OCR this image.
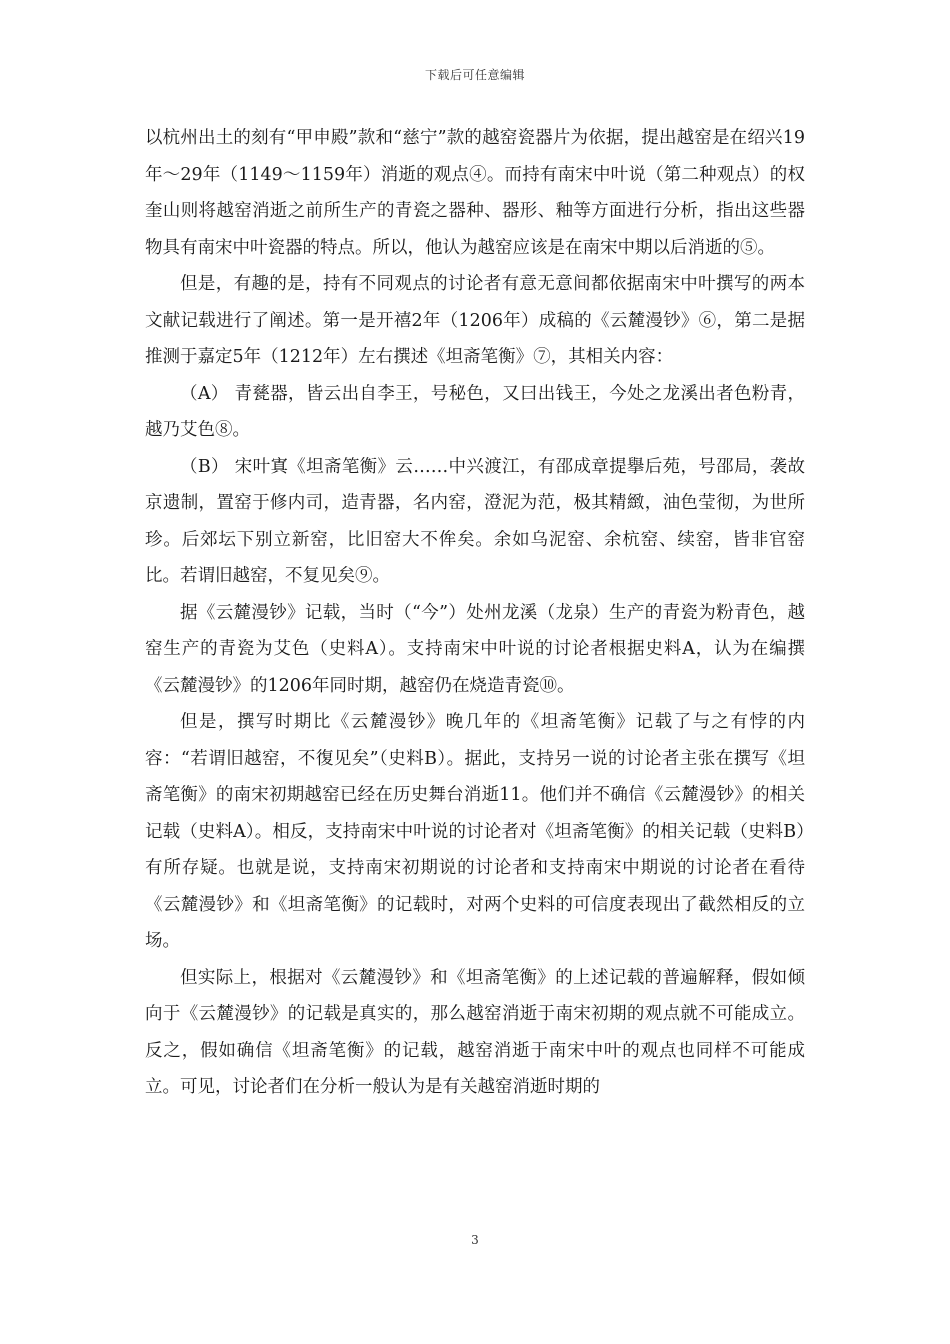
下载后可任意编辑

以杭州出土的刻有“甲申殿”款和“慈宁”款的越窑瓷器片为依据，提出越窑是在绍兴19年～29年（1149～1159年）消逝的观点④。而持有南宋中叶说（第二种观点）的权奎山则将越窑消逝之前所生产的青瓷之器种、器形、釉等方面进行分析，指出这些器物具有南宋中叶瓷器的特点。所以，他认为越窑应该是在南宋中期以后消逝的⑤。

但是，有趣的是，持有不同观点的讨论者有意无意间都依据南宋中叶撰写的两本文献记载进行了阐述。第一是开禧2年（1206年）成稿的《云麓漫钞》⑥，第二是据推测于嘉定5年（1212年）左右撰述《坦斋笔衡》⑦，其相关内容：

（A） 青甆器，皆云出自李王，号秘色，又曰出钱王，今处之龙溪出者色粉青，越乃艾色⑧。

（B） 宋叶寘《坦斋笔衡》云……中兴渡江，有邵成章提擧后苑，号邵局，袭故京遗制，置窑于修内司，造青器，名内窑，澄泥为范，极其精緻，油色莹彻，为世所珍。后郊坛下别立新窑，比旧窑大不侔矣。余如乌泥窑、余杭窑、续窑，皆非官窑比。若谓旧越窑，不复见矣⑨。

据《云麓漫钞》记载，当时（“今”）处州龙溪（龙泉）生产的青瓷为粉青色，越窑生产的青瓷为艾色（史料A）。支持南宋中叶说的讨论者根据史料A，认为在编撰《云麓漫钞》的1206年同时期，越窑仍在烧造青瓷⑩。

但是，撰写时期比《云麓漫钞》晚几年的《坦斋笔衡》记载了与之有悖的内容：“若谓旧越窑，不復见矣”（史料B）。据此，支持另一说的讨论者主张在撰写《坦斋笔衡》的南宋初期越窑已经在历史舞台消逝11。他们并不确信《云麓漫钞》的相关记载（史料A）。相反，支持南宋中叶说的讨论者对《坦斋笔衡》的相关记载（史料B）有所存疑。也就是说，支持南宋初期说的讨论者和支持南宋中期说的讨论者在看待《云麓漫钞》和《坦斋笔衡》的记载时，对两个史料的可信度表现出了截然相反的立场。

但实际上，根据对《云麓漫钞》和《坦斋笔衡》的上述记载的普遍解释，假如倾向于《云麓漫钞》的记载是真实的，那么越窑消逝于南宋初期的观点就不可能成立。反之，假如确信《坦斋笔衡》的记载，越窑消逝于南宋中叶的观点也同样不可能成立。可见，讨论者们在分析一般认为是有关越窑消逝时期的

3
